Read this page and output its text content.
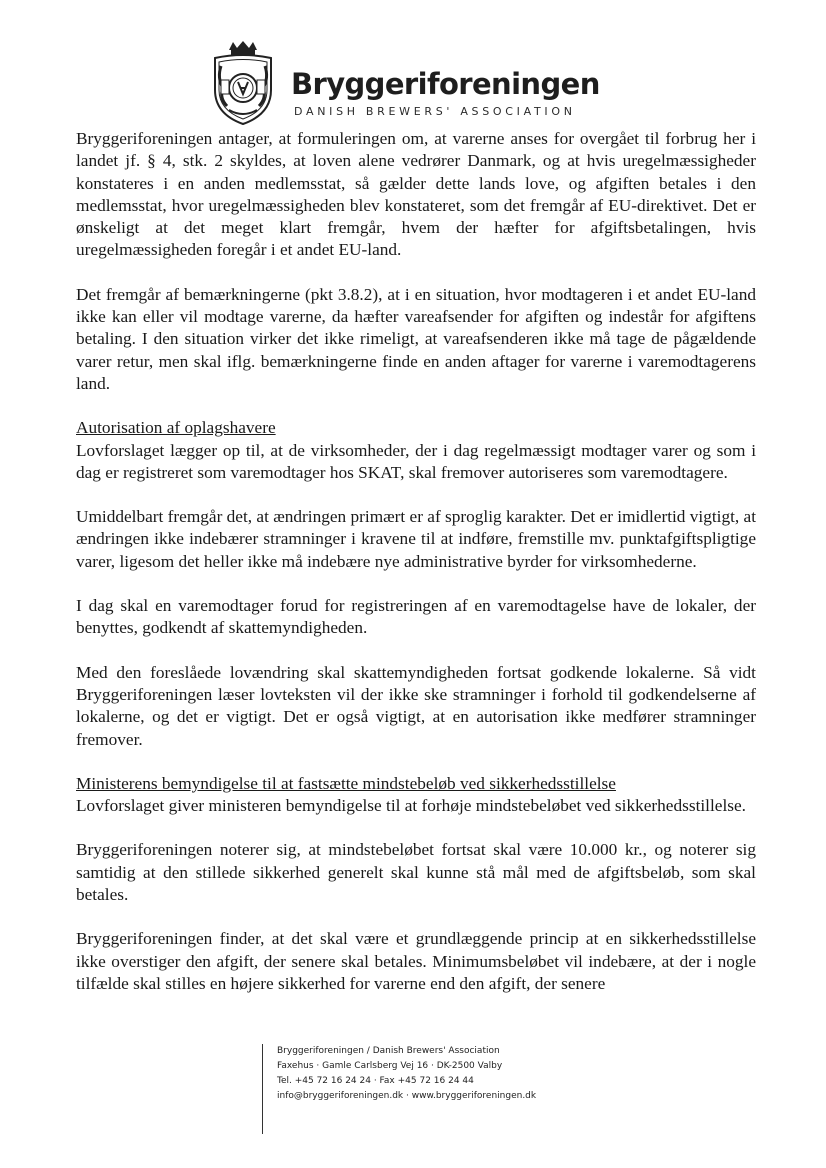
Bryggeriforeningen
DANISH BREWERS' ASSOCIATION

Bryggeriforeningen antager, at formuleringen om, at varerne anses for overgået til forbrug her i landet jf. § 4, stk. 2 skyldes, at loven alene vedrører Danmark, og at hvis uregelmæssigheder konstateres i en anden medlemsstat, så gælder dette lands love, og afgiften betales i den medlemsstat, hvor uregelmæssigheden blev konstateret, som det fremgår af EU-direktivet. Det er ønskeligt at det meget klart fremgår, hvem der hæfter for afgiftsbetalingen, hvis uregelmæssigheden foregår i et andet EU-land.

Det fremgår af bemærkningerne (pkt 3.8.2), at i en situation, hvor modtageren i et andet EU-land ikke kan eller vil modtage varerne, da hæfter vareafsender for afgiften og indestår for afgiftens betaling. I den situation virker det ikke rimeligt, at vareafsenderen ikke må tage de pågældende varer retur, men skal iflg. bemærkningerne finde en anden aftager for varerne i varemodtagerens land.

Autorisation af oplagshavere

Lovforslaget lægger op til, at de virksomheder, der i dag regelmæssigt modtager varer og som i dag er registreret som varemodtager hos SKAT, skal fremover autoriseres som varemodtagere.

Umiddelbart fremgår det, at ændringen primært er af sproglig karakter. Det er imidlertid vigtigt, at ændringen ikke indebærer stramninger i kravene til at indføre, fremstille mv. punktafgiftspligtige varer, ligesom det heller ikke må indebære nye administrative byrder for virksomhederne.

I dag skal en varemodtager forud for registreringen af en varemodtagelse have de lokaler, der benyttes, godkendt af skattemyndigheden.

Med den foreslåede lovændring skal skattemyndigheden fortsat godkende lokalerne. Så vidt Bryggeriforeningen læser lovteksten vil der ikke ske stramninger i forhold til godkendelserne af lokalerne, og det er vigtigt. Det er også vigtigt, at en autorisation ikke medfører stramninger fremover.

Ministerens bemyndigelse til at fastsætte mindstebeløb ved sikkerhedsstillelse

Lovforslaget giver ministeren bemyndigelse til at forhøje mindstebeløbet ved sikkerhedsstillelse.

Bryggeriforeningen noterer sig, at mindstebeløbet fortsat skal være 10.000 kr., og noterer sig samtidig at den stillede sikkerhed generelt skal kunne stå mål med de afgiftsbeløb, som skal betales.

Bryggeriforeningen finder, at det skal være et grundlæggende princip at en sikkerhedsstillelse ikke overstiger den afgift, der senere skal betales. Minimumsbeløbet vil indebære, at der i nogle tilfælde skal stilles en højere sikkerhed for varerne end den afgift, der senere

Bryggeriforeningen / Danish Brewers' Association
Faxehus · Gamle Carlsberg Vej 16 · DK-2500 Valby
Tel. +45 72 16 24 24 · Fax +45 72 16 24 44
info@bryggeriforeningen.dk · www.bryggeriforeningen.dk
